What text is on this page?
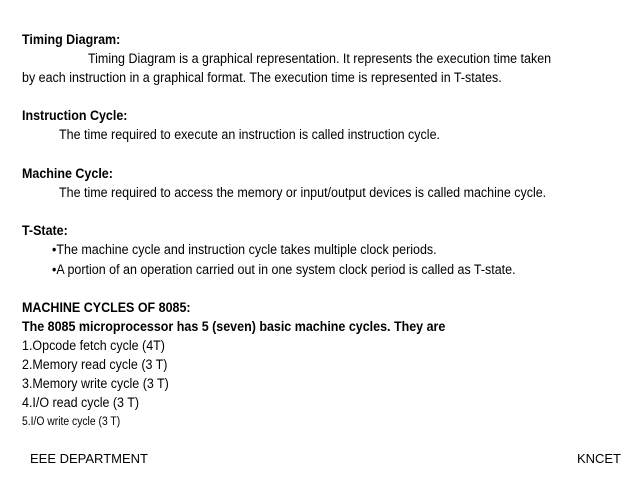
Timing Diagram:
Timing Diagram is a graphical representation. It represents the execution time taken
by each instruction in a graphical format. The execution time is represented in T-states.
Instruction Cycle:
The time required to execute an instruction is called instruction cycle.
Machine Cycle:
The time required to access the memory or input/output devices is called machine cycle.
T-State:
•The machine cycle and instruction cycle takes multiple clock periods.
•A portion of an operation carried out in one system clock period is called as T-state.
MACHINE CYCLES OF 8085:
The 8085 microprocessor has 5 (seven) basic machine cycles. They are
1.Opcode fetch cycle (4T)
2.Memory read cycle (3 T)
3.Memory write cycle (3 T)
4.I/O read cycle (3 T)
5.I/O write cycle (3 T)
EEE DEPARTMENT	KNCET
